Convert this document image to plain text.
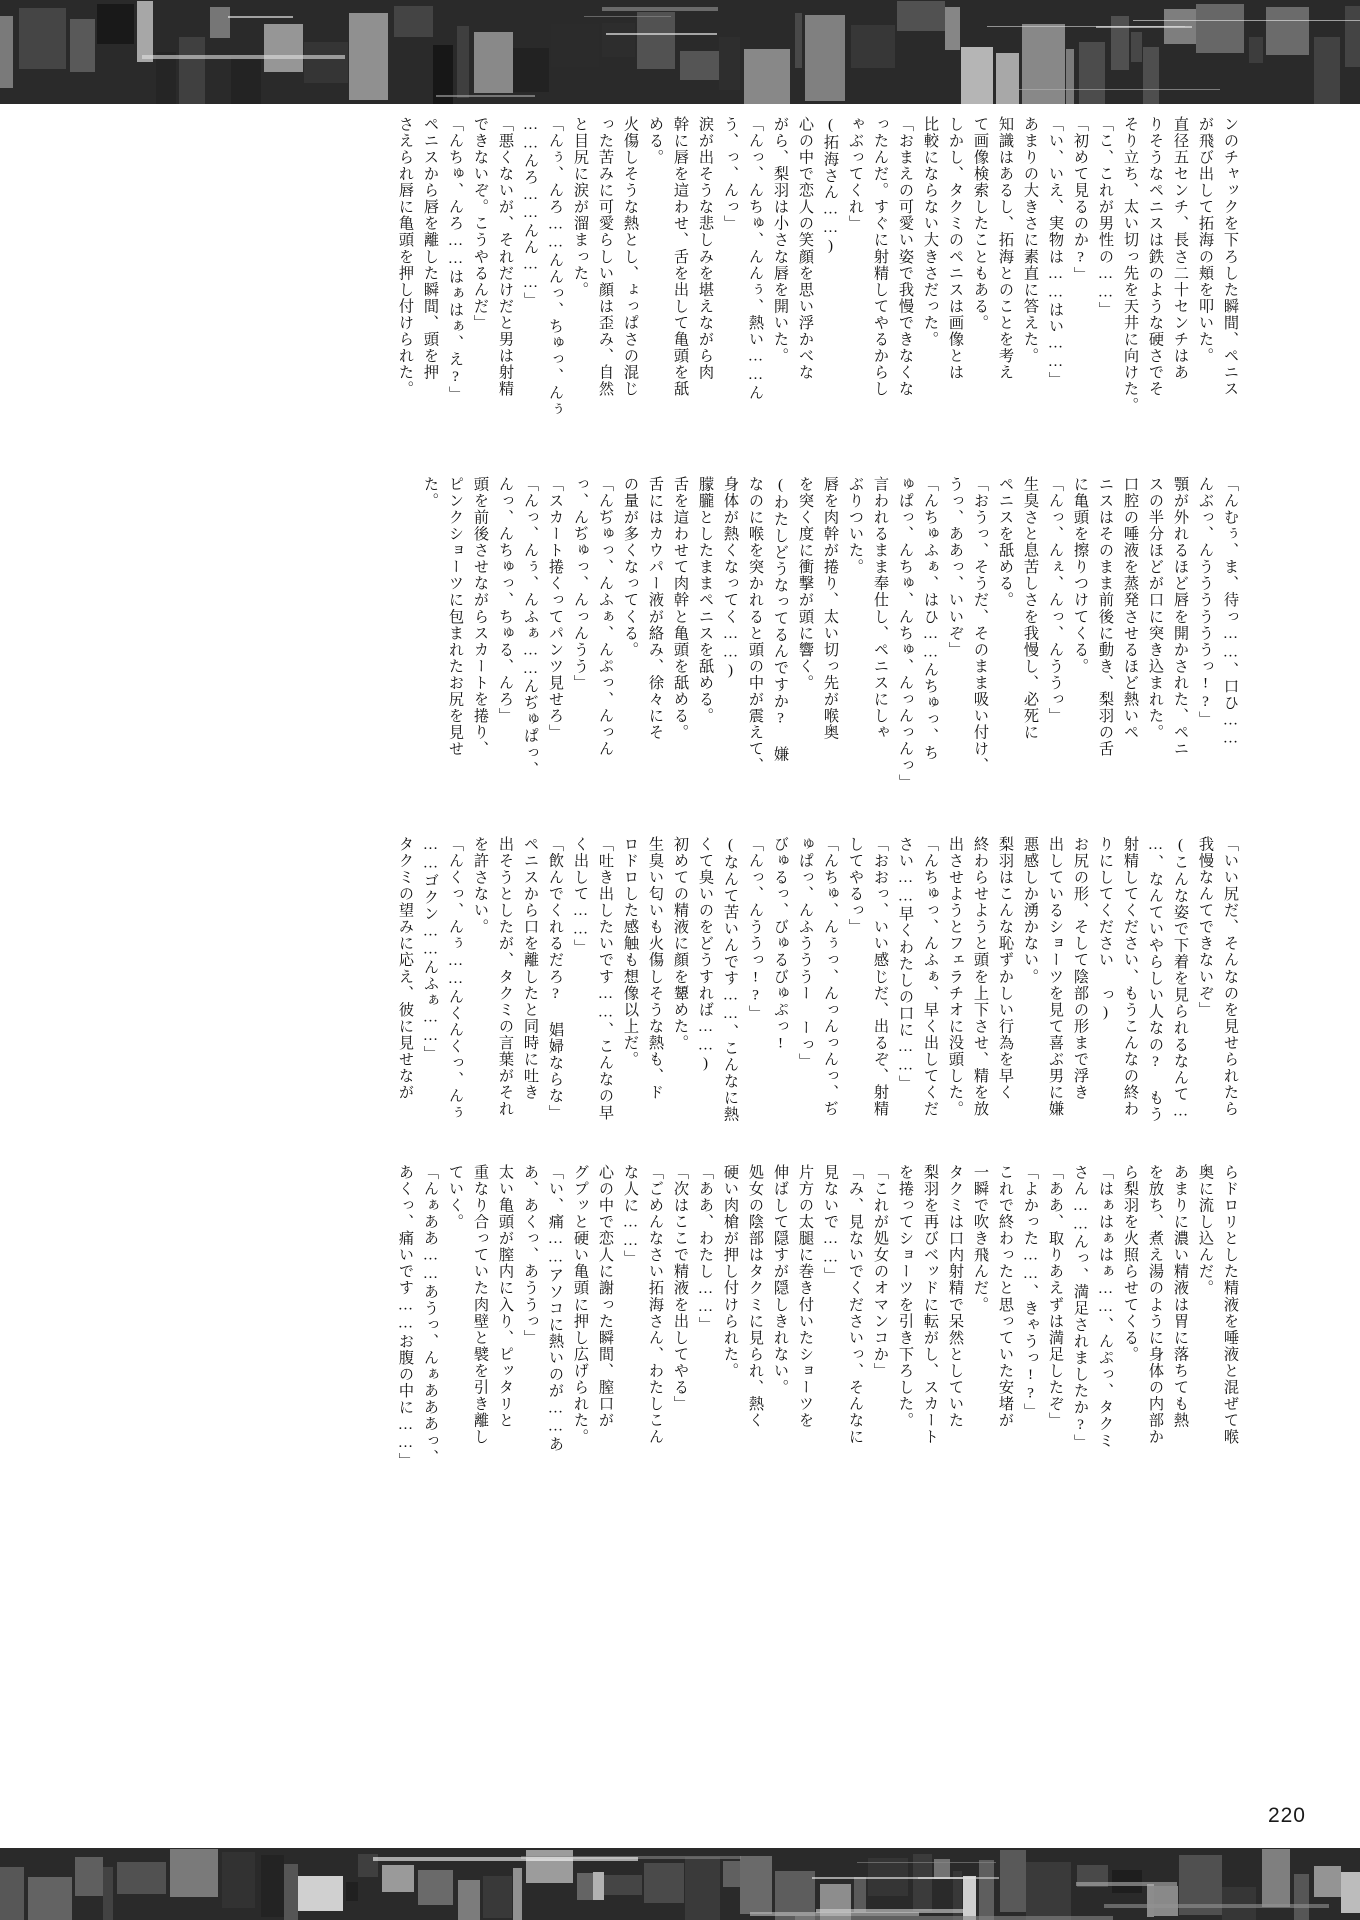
ンのチャックを下ろした瞬間、ペニス
が飛び出して拓海の頬を叩いた。
直径五センチ、長さ二十センチはあ
りそうなペニスは鉄のような硬さでそ
そり立ち、太い切っ先を天井に向けた。
「こ、これが男性の……」
「初めて見るのか?」
「い、いえ、実物は……はい……」
あまりの大きさに素直に答えた。
知識はあるし、拓海とのことを考え
て画像検索したこともある。
しかし、タクミのペニスは画像とは
比較にならない大きさだった。
「おまえの可愛い姿で我慢できなくな
ったんだ。すぐに射精してやるからし
ゃぶってくれ」
(拓海さん……)
心の中で恋人の笑顔を思い浮かべな
がら、梨羽は小さな唇を開いた。
「んっ、んちゅ、んんぅ、熱い……ん
う、っ、んっ」
涙が出そうな悲しみを堪えながら肉
幹に唇を這わせ、舌を出して亀頭を舐
める。
火傷しそうな熱とし、ょっぱさの混じ
った苦みに可愛らしい顔は歪み、自然
と目尻に涙が溜まった。
「んぅ、んろ……んんっ、ちゅっ、んぅ
……んろ……んん……」
「悪くないが、それだけだと男は射精
できないぞ。こうやるんだ」
「んちゅ、んろ……はぁはぁ、え?」
ペニスから唇を離した瞬間、頭を押
さえられ唇に亀頭を押し付けられた。
「んむぅ、ま、待っ……、口ひ……
んぶっ、んううううううっ!?」
顎が外れるほど唇を開かされた、ペニ
スの半分ほどが口に突き込まれた。
口腔の唾液を蒸発させるほど熱いペ
ニスはそのまま前後に動き、梨羽の舌
に亀頭を擦りつけてくる。
「んっ、んぇ、んっ、んううっ」
生臭さと息苦しさを我慢し、必死に
ペニスを舐める。
「おうっ、そうだ、そのまま吸い付け、
うっ、ああっ、いいぞ」
「んちゅふぁ、はひ……んちゅっ、ち
ゅぱっ、んちゅ、んちゅ、んっんっんっ」
言われるまま奉仕し、ペニスにしゃ
ぶりついた。
唇を肉幹が捲り、太い切っ先が喉奥
を突く度に衝撃が頭に響く。
(わたしどうなってるんですか? 嫌
なのに喉を突かれると頭の中が震えて、
身体が熱くなってく……)
朦朧としたままペニスを舐める。
舌を這わせて肉幹と亀頭を舐める。
舌にはカウパー液が絡み、徐々にそ
の量が多くなってくる。
「んぢゅっ、んふぁ、んぷっ、んっん
っ、んぢゅっ、んっんうう」
「スカート捲くってパンツ見せろ」
「んっ、んぅ、んふぁ……んぢゅぱっ、
んっ、んちゅっ、ちゅる、んろ」
頭を前後させながらスカートを捲り、
ピンクショーツに包まれたお尻を見せ
た。
「いい尻だ、そんなのを見せられたら
我慢なんてできないぞ」
(こんな姿で下着を見られるなんて…
…、なんていやらしい人なの? もう
射精してください、もうこんなの終わ
りにしてください っ)
お尻の形、そして陰部の形まで浮き
出しているショーツを見て喜ぶ男に嫌
悪感しか湧かない。
梨羽はこんな恥ずかしい行為を早く
終わらせようと頭を上下させ、精を放
出させようとフェラチオに没頭した。
「んちゅっ、んふぁ、早く出してくだ
さい……早くわたしの口に……」
「おおっ、いい感じだ、出るぞ、射精
してやるっ」
「んちゅ、んぅっ、んっんっんっ、ぢ
ゅぱっ、んふうううー ーっ」
びゅるっ、びゅるびゅぷっ!
「んっ、んううっ!?」
(なんて苦いんです……、こんなに熱
くて臭いのをどうすれば……)
初めての精液に顔を顰めた。
生臭い匂いも火傷しそうな熱も、ド
ロドロした感触も想像以上だ。
「吐き出したいです……、こんなの早
く出して……」
「飲んでくれるだろ? 娼婦ならな」
ペニスから口を離したと同時に吐き
出そうとしたが、タクミの言葉がそれ
を許さない。
「んくっ、んぅ……んくんくっ、んぅ
……ゴクン……んふぁ……」
タクミの望みに応え、彼に見せなが
らドロリとした精液を唾液と混ぜて喉
奥に流し込んだ。
あまりに濃い精液は胃に落ちても熱
を放ち、煮え湯のように身体の内部か
ら梨羽を火照らせてくる。
「はぁはぁはぁ……、んぷっ、タクミ
さん……んっ、満足されましたか?」
「ああ、取りあえずは満足したぞ」
「よかった……、きゃうっ!?」
これで終わったと思っていた安堵が
一瞬で吹き飛んだ。
タクミは口内射精で呆然としていた
梨羽を再びベッドに転がし、スカート
を捲ってショーツを引き下ろした。
「これが処女のオマンコか」
「み、見ないでくださいっ、そんなに
見ないで……」
片方の太腿に巻き付いたショーツを
伸ばして隠すが隠しきれない。
処女の陰部はタクミに見られ、熱く
硬い肉槍が押し付けられた。
「ああ、わたし……」
「次はここで精液を出してやる」
「ごめんなさい拓海さん、わたしこん
な人に……」
心の中で恋人に謝った瞬間、膣口が
グプッと硬い亀頭に押し広げられた。
「い、痛……アソコに熱いのが……あ
あ、あくっ、あううっ」
太い亀頭が膣内に入り、ピッタリと
重なり合っていた肉壁と襞を引き離し
ていく。
「んぁああ……あうっ、んぁあああっ、
あくっ、痛いです……お腹の中に……」
220
